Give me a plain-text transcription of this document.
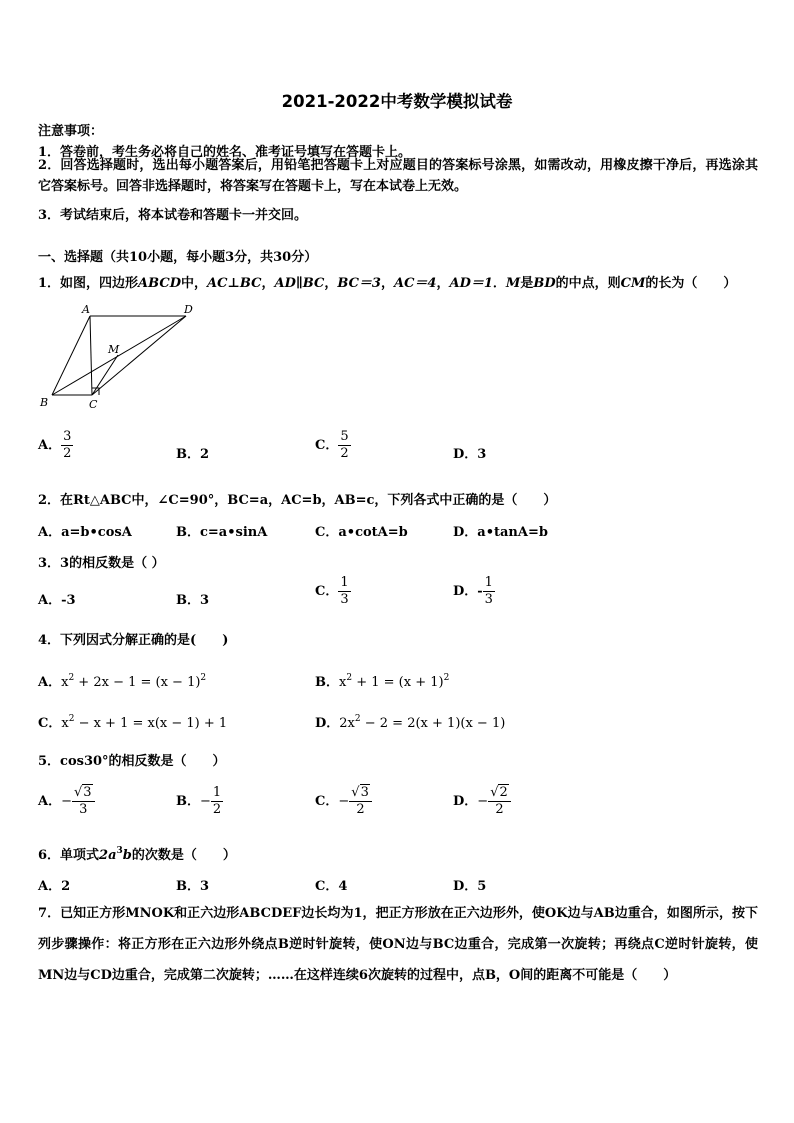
2021-2022中考数学模拟试卷
注意事项：
1．答卷前，考生务必将自己的姓名、准考证号填写在答题卡上。
2．回答选择题时，选出每小题答案后，用铅笔把答题卡上对应题目的答案标号涂黑，如需改动，用橡皮擦干净后，再选涂其它答案标号。回答非选择题时，将答案写在答题卡上，写在本试卷上无效。
3．考试结束后，将本试卷和答题卡一并交回。
一、选择题（共10小题，每小题3分，共30分）
1．如图，四边形ABCD中，AC⊥BC，AD∥BC，BC＝3，AC＝4，AD＝1．M是BD的中点，则CM的长为（　　）
A	D
M
B	C
A． $\frac{3}{2}$	B．2
C． $\frac{5}{2}$	D．3
2．在Rt△ABC中，∠C=90°，BC=a，AC=b，AB=c，下列各式中正确的是（　　）
A．a=b•cosA	B．c=a•sinA	C．a•cotA=b	D．a•tanA=b
3．3的相反数是（ ）
A．-3	B．3
C． $\frac{1}{3}$	D．- $\frac{1}{3}$
4．下列因式分解正确的是(　　)
A．$x^2 + 2x - 1 = (x - 1)^2$	B．$x^2 + 1 = (x + 1)^2$
C．$x^2 - x + 1 = x(x - 1) + 1$	D．$2x^2 - 2 = 2(x + 1)(x - 1)$
5．cos30°的相反数是（　　）
A．− $\frac{√3}{3}$	B．− $\frac{1}{2}$	C．− $\frac{√3}{2}$	D．− $\frac{√2}{2}$
6．单项式$2a^3b$的次数是（　　）
A．2	B．3	C．4	D．5
7．已知正方形MNOK和正六边形ABCDEF边长均为1，把正方形放在正六边形外，使OK边与AB边重合，如图所示，按下列步骤操作：将正方形在正六边形外绕点B逆时针旋转，使ON边与BC边重合，完成第一次旋转；再绕点C逆时针旋转，使MN边与CD边重合，完成第二次旋转；……在这样连续6次旋转的过程中，点B，O间的距离不可能是（　　）
